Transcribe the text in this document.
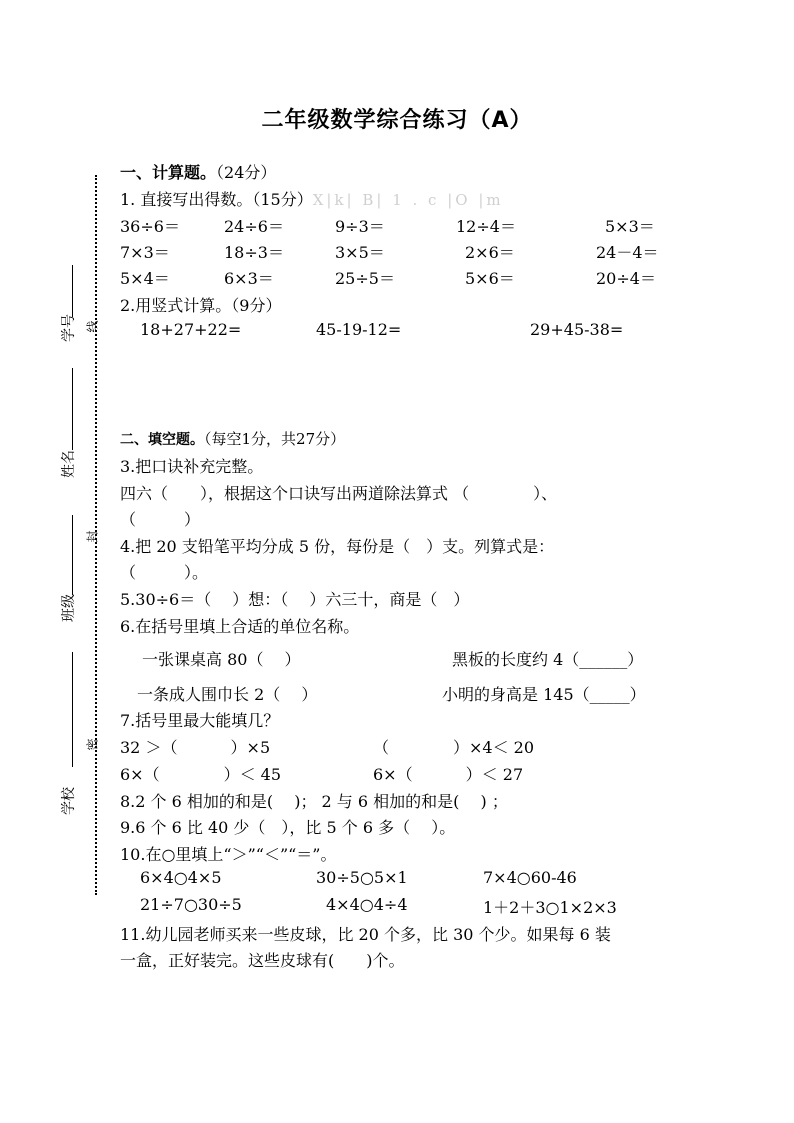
学号
姓名
班级
学校
线
封
密
二年级数学综合练习（A）
一、计算题。（24分）
1. 直接写出得数。（15分）X|k| B| 1 . c |O |m
36÷6＝	24÷6＝	9÷3＝	12÷4＝	5×3＝
7×3＝	18÷3＝	3×5＝	2×6＝	24－4＝
5×4＝	6×3＝	25÷5＝	5×6＝	20÷4＝
2.用竖式计算。（9分）
18+27+22=	45-19-12=	29+45-38=
二、填空题。（每空1分，共27分）
3.把口诀补充完整。
四六（　　），根据这个口诀写出两道除法算式 （　　　　）、
（　　　）
4.把 20 支铅笔平均分成 5 份，每份是（　）支。列算式是：
（　　　）。
5.30÷6＝（　 ）想：（　 ）六三十，商是（　）
6.在括号里填上合适的单位名称。
一张课桌高 80（　 ）	黑板的长度约 4（______）
一条成人围巾长 2（　 ）	小明的身高是 145（_____）
7.括号里最大能填几？
32 ＞（　　　 ）×5	（　　　　）×4＜ 20
6×（　　　　）＜ 45	6×（　　　 ）＜ 27
8.2 个 6 相加的和是(　 )； 2 与 6 相加的和是(　 ) ；
9.6 个 6 比 40 少（　），比 5 个 6 多（　 ）。
10.在○里填上“＞”“＜”“＝”。
6×4○4×5	30÷5○5×1	7×4○60-46
21÷7○30÷5	4×4○4÷4	1＋2＋3○1×2×3
11.幼儿园老师买来一些皮球，比 20 个多，比 30 个少。如果每 6 装
一盒，正好装完。这些皮球有(　　)个。
